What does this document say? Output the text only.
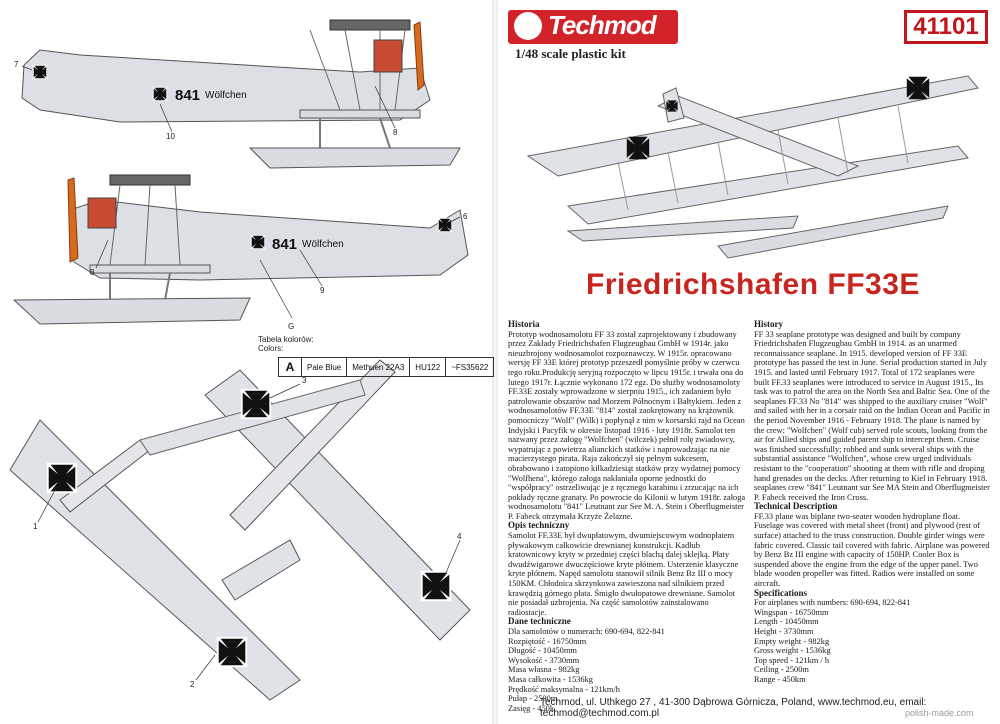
841 Wölfchen
841 Wölfchen
7
10	8
6
8
9
G
3
1
4
2
Tabela kolorów:
Colors:
A	Pale Blue	Methuen 22A3	HU122	~FS35622
Techmod
1/48 scale plastic kit
41101
Friedrichshafen FF33E
Historia

Prototyp wodnosamolotu FF 33 został zaprojektowany i zbudowany przez Zakłady Friedrichshafen Flugzeugbau GmbH w 1914r. jako nieuzbrojony wodnosamolot rozpoznawczy. W 1915r. opracowano wersję FF 33E której prototyp przeszedł pomyślnie próby w czerwcu tego roku.Produkcję seryjną rozpoczęto w lipcu 1915r. i trwała ona do lutego 1917r. Łącznie wykonano 172 egz. Do służby wodnosamoloty FF.33E zostały wprowadzone w sierpniu 1915., ich zadaniem było patrolowanie obszarów nad Morzem Północnym i Bałtykiem. Jeden z wodnosamolotów FF.33E "814" został zaokrętowany na krążownik pomocniczy "Wolf" (Wilk) i popłynął z nim w korsarski rajd na Ocean Indyjski i Pacyfik w okresie listopad 1916 - luty 1918r. Samolot ten nazwany przez załogę "Wolfchen" (wilczek) pełnił rolę zwiadowcy, wypatrując z powietrza alianckich statków i naprowadzając na nie macierzystego pirata. Raja zakończył się pełnym sukcesem, obrabowano i zatopiono kilkadziesiąt statków przy wydatnej pomocy "Wolfhena", którego załoga nakłaniała oporne jednostki do "współpracy" ostrzeliwując je z ręcznego karabinu i zrzucając na ich pokłady ręczne granaty. Po powrocie do Kilonii w lutym 1918r. załoga wodnosamolotu "841" Leutnant zur See M. A. Stein i Oberflugmeister P. Fabeck otrzymała Krzyże Żelazne.

Opis techniczny

Samolot FF.33E był dwupłatowym, dwumiejscowym wodnopłatem pływakowym całkowicie drewnianej konstrukcji. Kadłub kratownicowy kryty w przedniej części blachą dalej sklejką. Płaty dwudźwigarowe dwuczęściowe kryte płótnem. Usterzenie klasyczne kryte płótnem. Napęd samolotu stanowił silnik Benz Bz III o mocy 150KM. Chłodnica skrzynkowa zawieszona nad silnikiem przed krawędzią górnego płata. Śmigło dwułopatowe drewniane. Samolot nie posiadał uzbrojenia. Na część samolotów zainstalowano radiostacje.

Dane techniczne
Dla samolotów o numerach: 690-694, 822-841
Rozpiętość - 16750mm
Długość - 10450mm
Wysokość - 3730mm
Masa własna - 982kg
Masa całkowita - 1536kg
Prędkość maksymalna - 121km/h
Pułap - 2500m
Zasięg - 450k
History

FF 33 seaplane prototype was designed and built by company Friedrichshafen Flugzeugbau GmbH in 1914. as an unarmed reconnaissance seaplane. In 1915. developed version of FF 33E prototype has passed the test in June. Serial production started in July 1915. and lasted until February 1917. Total of 172 seaplanes were built FF.33 seaplanes were introduced to service in August 1915., Its task was to patrol the area on the North Sea and Baltic Sea. One of the seaplanes FF.33 No "814" was shipped to the auxiliary cruiser "Wolf" and sailed with her in a corsair raid on the Indian Ocean and Pacific in the period November 1916 - February 1918. The plane is named by the crew: "Wolfchen" (Wolf cub) served role scouts, looking from the air for Allied ships and guided parent ship to intercept them. Cruise was finished successfully; robbed and sunk several ships with the substantial assistance "Wolfchen", whose crew urged individuals resistant to the "cooperation" shooting at them with rifle and droping hand grenades on the decks. After returning to Kiel in February 1918. seaplanes crew "841" Leutnant sur See MA Stein and Oberflugmeister P. Fabeck received the Iron Cross.

Technical Description

FF.33 plane was biplane two-seater wooden hydroplane float. Fuselage was covered with metal sheet (front) and plywood (rest of surface) attached to the truss construction. Double girder wings were fabric covered. Classic tail covered with fabric. Airplane was powered by Benz Bz III engine with capacity of 150HP. Cooler Box is suspended above the engine from the edge of the upper panel. Two blade wooden propeller was fitted. Radios were installed on some aircraft.

Specifications
For airplanes with numbers: 690-694, 822-841
Wingspan - 16750mm
Length - 10450mm
Height - 3730mm
Empty weight - 982kg
Gross weight - 1536kg
Top speed - 121km / h
Ceiling - 2500m
Range - 450km
Techmod, ul. Uthkego 27 , 41-300 Dąbrowa Górnicza, Poland, www.techmod.eu, email: techmod@techmod.com.pl	polish-made.com
